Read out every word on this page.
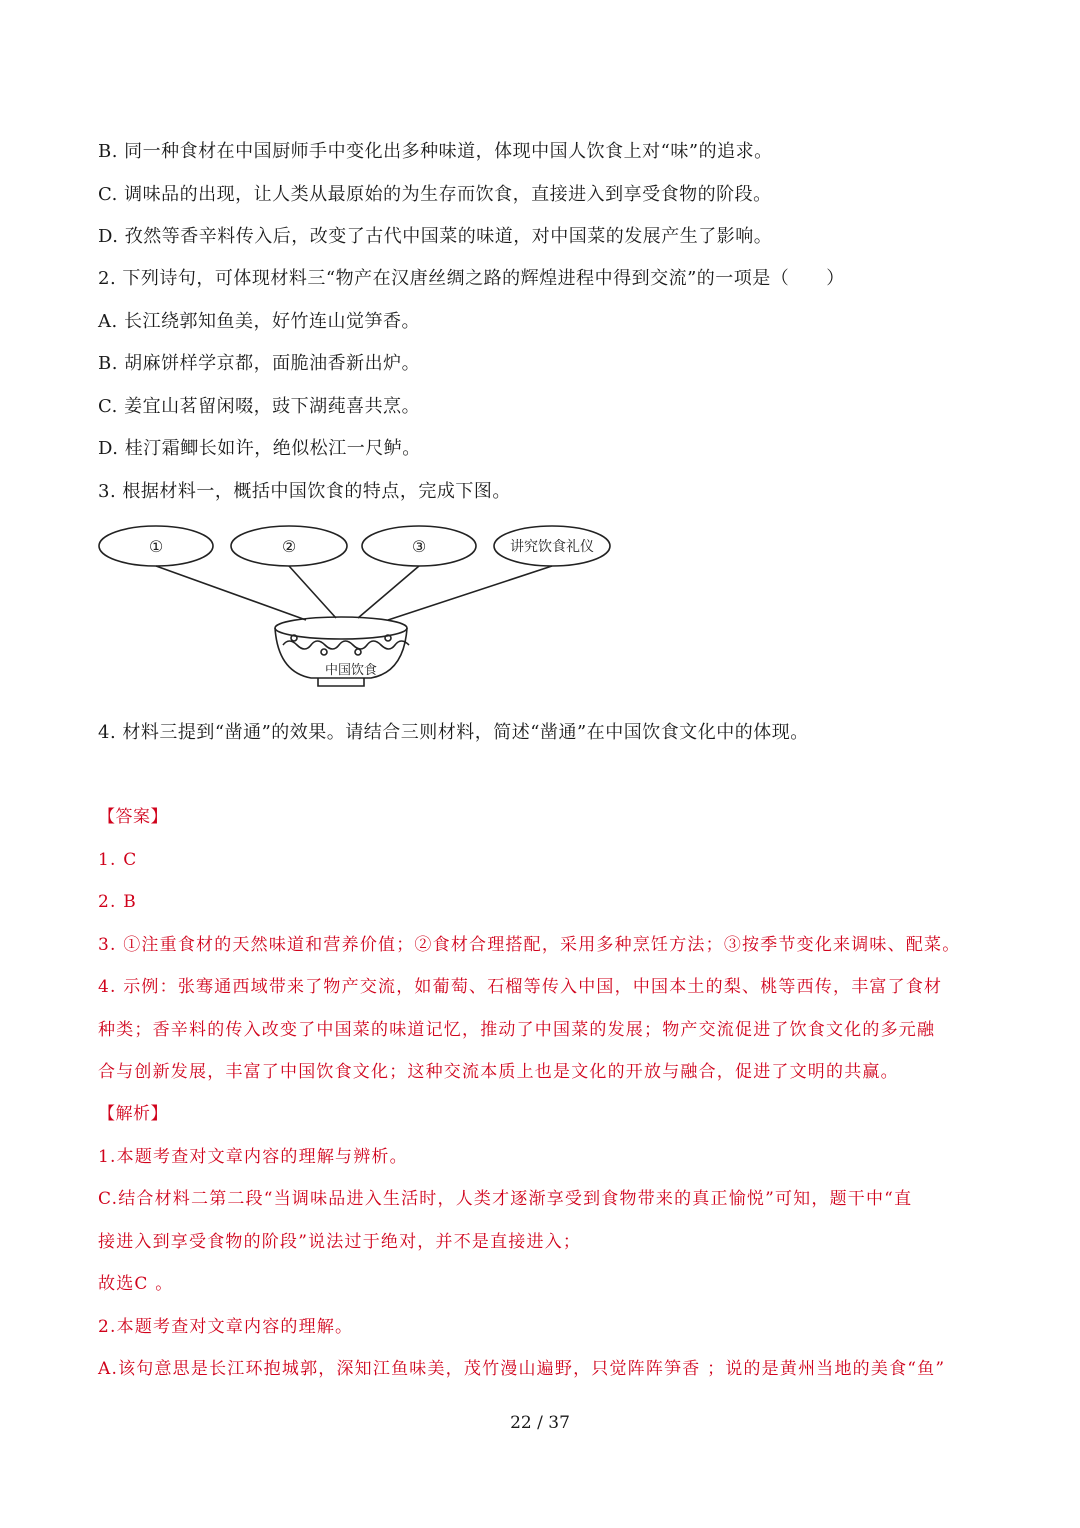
B. 同一种食材在中国厨师手中变化出多种味道，体现中国人饮食上对“味”的追求。
C. 调味品的出现，让人类从最原始的为生存而饮食，直接进入到享受食物的阶段。
D. 孜然等香辛料传入后，改变了古代中国菜的味道，对中国菜的发展产生了影响。
2. 下列诗句，可体现材料三“物产在汉唐丝绸之路的辉煌进程中得到交流”的一项是（　　）
A. 长江绕郭知鱼美，好竹连山觉笋香。
B. 胡麻饼样学京都，面脆油香新出炉。
C. 姜宜山茗留闲啜，豉下湖莼喜共烹。
D. 桂汀霜鲫长如许，绝似松江一尺鲈。
3. 根据材料一，概括中国饮食的特点，完成下图。
①	②	③	讲究饮食礼仪
中国饮食
4. 材料三提到“凿通”的效果。请结合三则材料，简述“凿通”在中国饮食文化中的体现。
【答案】
1. C
2. B
3. ①注重食材的天然味道和营养价值；②食材合理搭配，采用多种烹饪方法；③按季节变化来调味、配菜。
4. 示例：张骞通西域带来了物产交流，如葡萄、石榴等传入中国，中国本土的梨、桃等西传，丰富了食材
种类；香辛料的传入改变了中国菜的味道记忆，推动了中国菜的发展；物产交流促进了饮食文化的多元融
合与创新发展，丰富了中国饮食文化；这种交流本质上也是文化的开放与融合，促进了文明的共赢。
【解析】
1.本题考查对文章内容的理解与辨析。
C.结合材料二第二段“当调味品进入生活时，人类才逐渐享受到食物带来的真正愉悦”可知，题干中“直
接进入到享受食物的阶段”说法过于绝对，并不是直接进入；
故选C 。
2.本题考查对文章内容的理解。
A.该句意思是长江环抱城郭，深知江鱼味美，茂竹漫山遍野，只觉阵阵笋香 ；说的是黄州当地的美食“鱼”
22 / 37
